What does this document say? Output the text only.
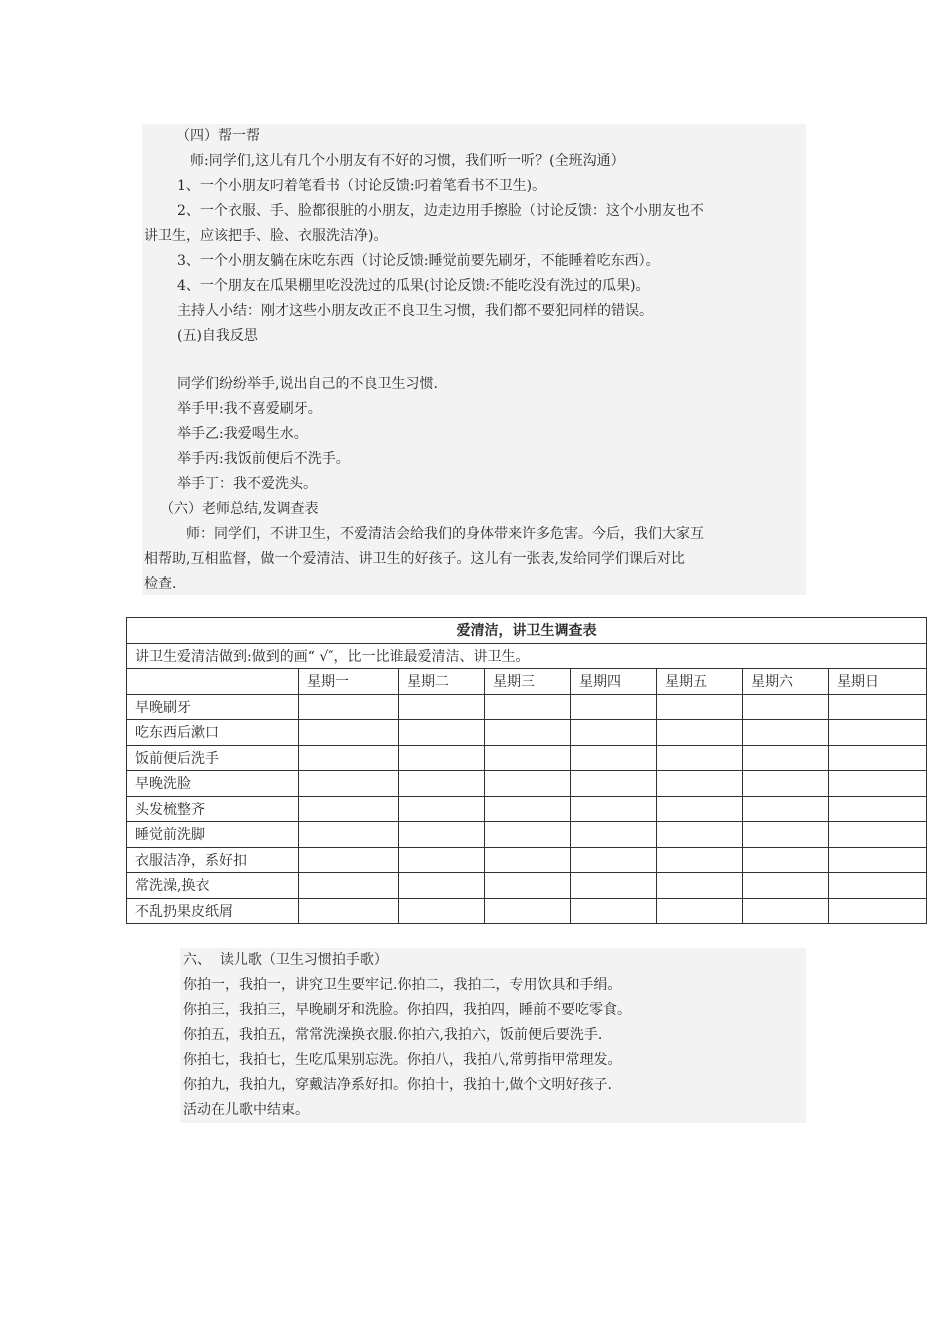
（四）帮一帮
师:同学们,这儿有几个小朋友有不好的习惯，我们听一听？(全班沟通）
1、一个小朋友叼着笔看书（讨论反馈:叼着笔看书不卫生)。
2、一个衣服、手、脸都很脏的小朋友，边走边用手擦脸（讨论反馈：这个小朋友也不
讲卫生，应该把手、脸、衣服洗洁净)。
3、一个小朋友躺在床吃东西（讨论反馈:睡觉前要先刷牙，不能睡着吃东西）。
4、一个朋友在瓜果棚里吃没洗过的瓜果(讨论反馈:不能吃没有洗过的瓜果)。
主持人小结：刚才这些小朋友改正不良卫生习惯，我们都不要犯同样的错误。
(五)自我反思
同学们纷纷举手,说出自己的不良卫生习惯.
举手甲:我不喜爱刷牙。
举手乙:我爱喝生水。
举手丙:我饭前便后不洗手。
举手丁：我不爱洗头。
（六）老师总结,发调查表
师：同学们，不讲卫生，不爱清洁会给我们的身体带来许多危害。今后，我们大家互
相帮助,互相监督，做一个爱清洁、讲卫生的好孩子。这儿有一张表,发给同学们课后对比
检查.
爱清洁，讲卫生调查表							
讲卫生爱清洁做到:做到的画“ √″，比一比谁最爱清洁、讲卫生。							
	星期一	星期二	星期三	星期四	星期五	星期六	星期日
早晚刷牙							
吃东西后漱口							
饭前便后洗手							
早晚洗脸							
头发梳整齐							
睡觉前洗脚							
衣服洁净，系好扣							
常洗澡,换衣							
不乱扔果皮纸屑							
六、  读儿歌（卫生习惯拍手歌）
你拍一，我拍一，讲究卫生要牢记.你拍二，我拍二，专用饮具和手绢。
你拍三，我拍三，早晚刷牙和洗脸。你拍四，我拍四，睡前不要吃零食。
你拍五，我拍五，常常洗澡换衣服.你拍六,我拍六，饭前便后要洗手.
你拍七，我拍七，生吃瓜果别忘洗。你拍八，我拍八,常剪指甲常理发。
你拍九，我拍九，穿戴洁净系好扣。你拍十，我拍十,做个文明好孩子.
活动在儿歌中结束。
